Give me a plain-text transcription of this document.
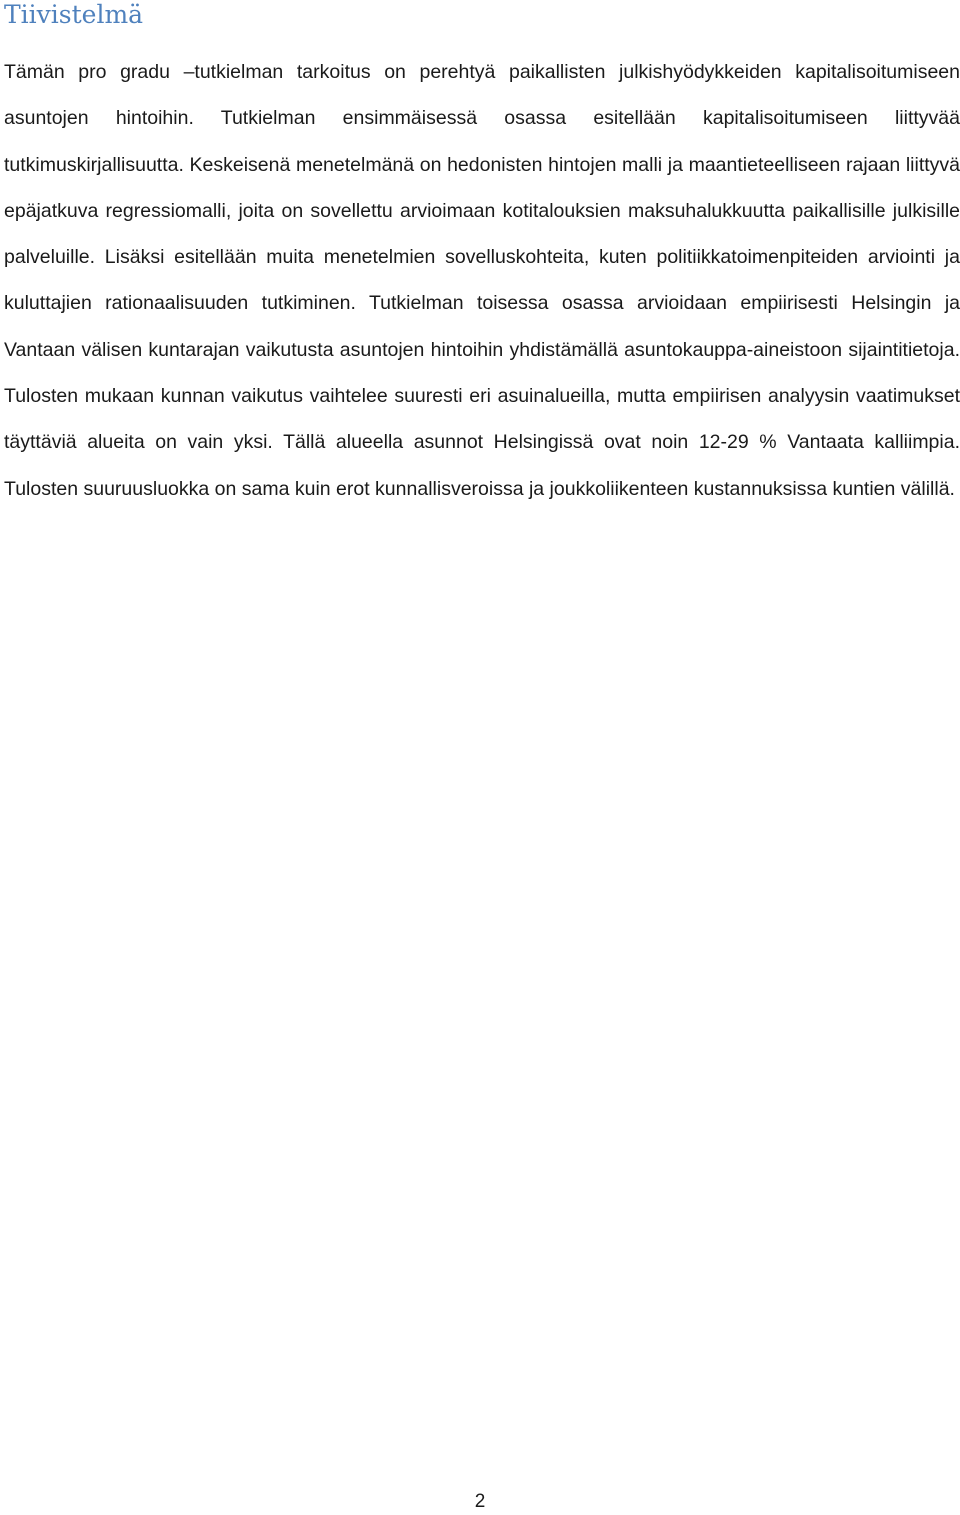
Tiivistelmä

Tämän pro gradu –tutkielman tarkoitus on perehtyä paikallisten julkishyödykkeiden kapitalisoitumiseen asuntojen hintoihin. Tutkielman ensimmäisessä osassa esitellään kapitalisoitumiseen liittyvää tutkimuskirjallisuutta. Keskeisenä menetelmänä on hedonisten hintojen malli ja maantieteelliseen rajaan liittyvä epäjatkuva regressiomalli, joita on sovellettu arvioimaan kotitalouksien maksuhalukkuutta paikallisille julkisille palveluille. Lisäksi esitellään muita menetelmien sovelluskohteita, kuten politiikkatoimenpiteiden arviointi ja kuluttajien rationaalisuuden tutkiminen. Tutkielman toisessa osassa arvioidaan empiirisesti Helsingin ja Vantaan välisen kuntarajan vaikutusta asuntojen hintoihin yhdistämällä asuntokauppa-aineistoon sijaintitietoja. Tulosten mukaan kunnan vaikutus vaihtelee suuresti eri asuinalueilla, mutta empiirisen analyysin vaatimukset täyttäviä alueita on vain yksi. Tällä alueella asunnot Helsingissä ovat noin 12-29 % Vantaata kalliimpia. Tulosten suuruusluokka on sama kuin erot kunnallisveroissa ja joukkoliikenteen kustannuksissa kuntien välillä.

2
